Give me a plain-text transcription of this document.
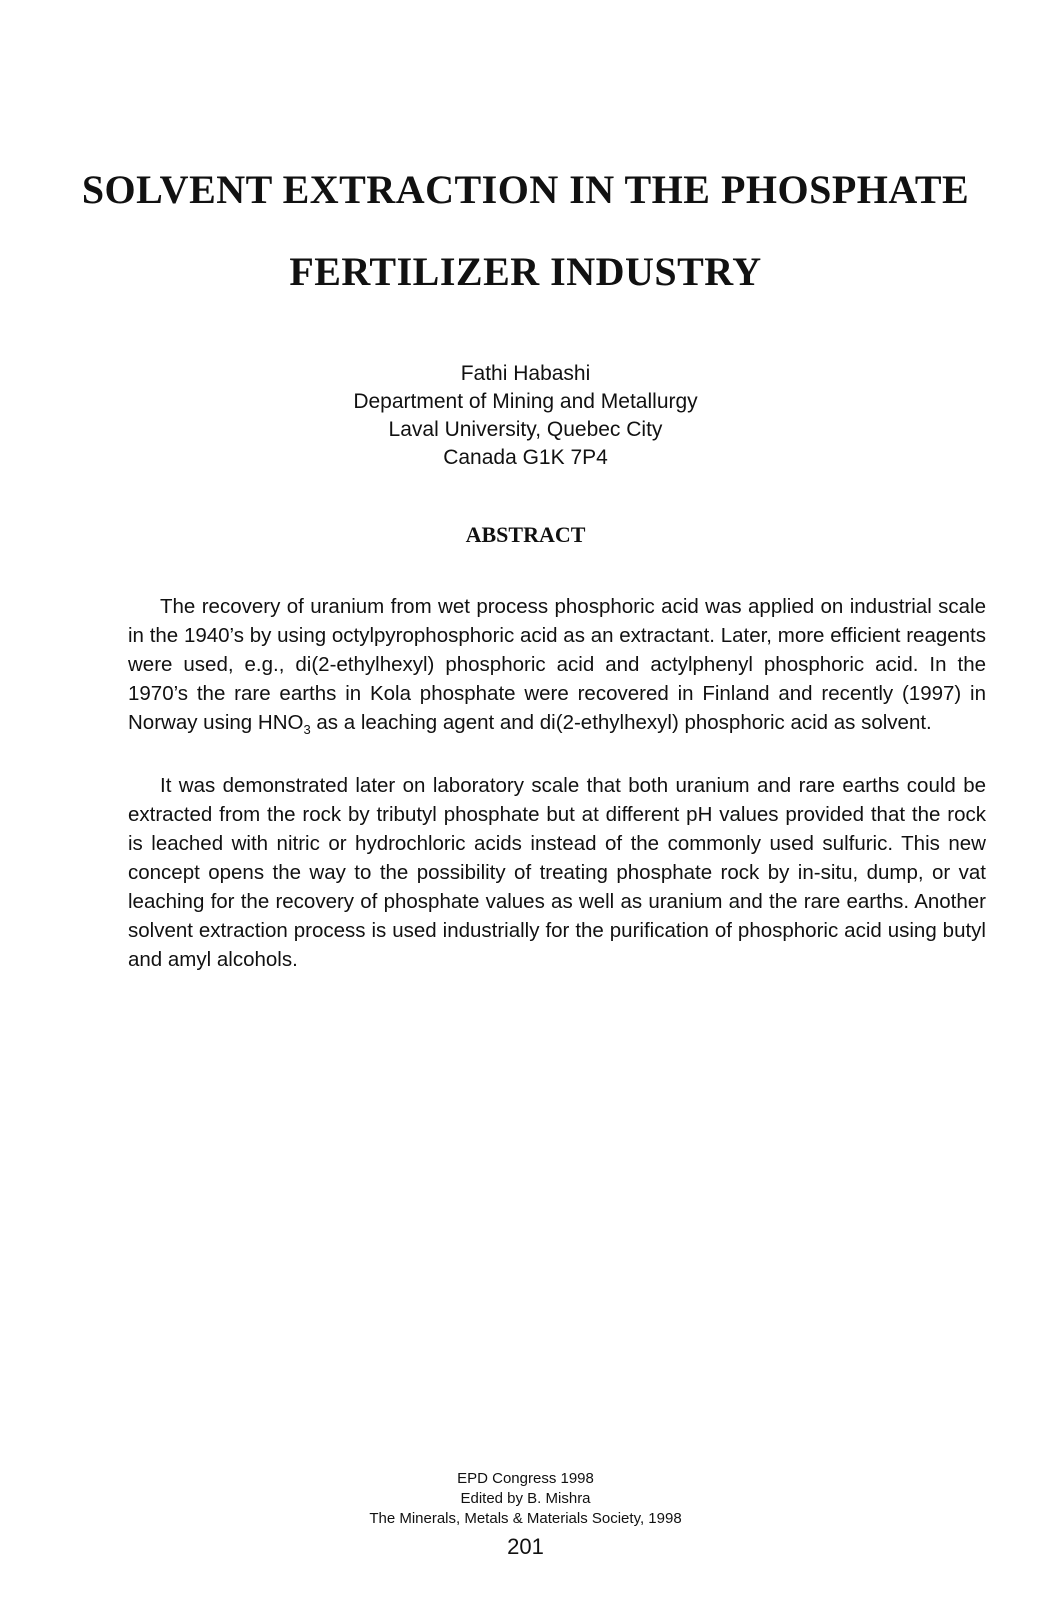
SOLVENT EXTRACTION IN THE PHOSPHATE
FERTILIZER INDUSTRY
Fathi Habashi
Department of Mining and Metallurgy
Laval University, Quebec City
Canada G1K 7P4
ABSTRACT

The recovery of uranium from wet process phosphoric acid was applied on industrial scale in the 1940’s by using octylpyrophosphoric acid as an extractant. Later, more efficient reagents were used, e.g., di(2-ethylhexyl) phosphoric acid and actylphenyl phosphoric acid. In the 1970’s the rare earths in Kola phosphate were recovered in Finland and recently (1997) in Norway using $HNO_3$ as a leaching agent and di(2-ethylhexyl) phosphoric acid as solvent.

It was demonstrated later on laboratory scale that both uranium and rare earths could be extracted from the rock by tributyl phosphate but at different pH values provided that the rock is leached with nitric or hydrochloric acids instead of the commonly used sulfuric. This new concept opens the way to the possibility of treating phosphate rock by in-situ, dump, or vat leaching for the recovery of phosphate values as well as uranium and the rare earths. Another solvent extraction process is used industrially for the purification of phosphoric acid using butyl and amyl alcohols.

EPD Congress 1998
Edited by B. Mishra
The Minerals, Metals & Materials Society, 1998
201
